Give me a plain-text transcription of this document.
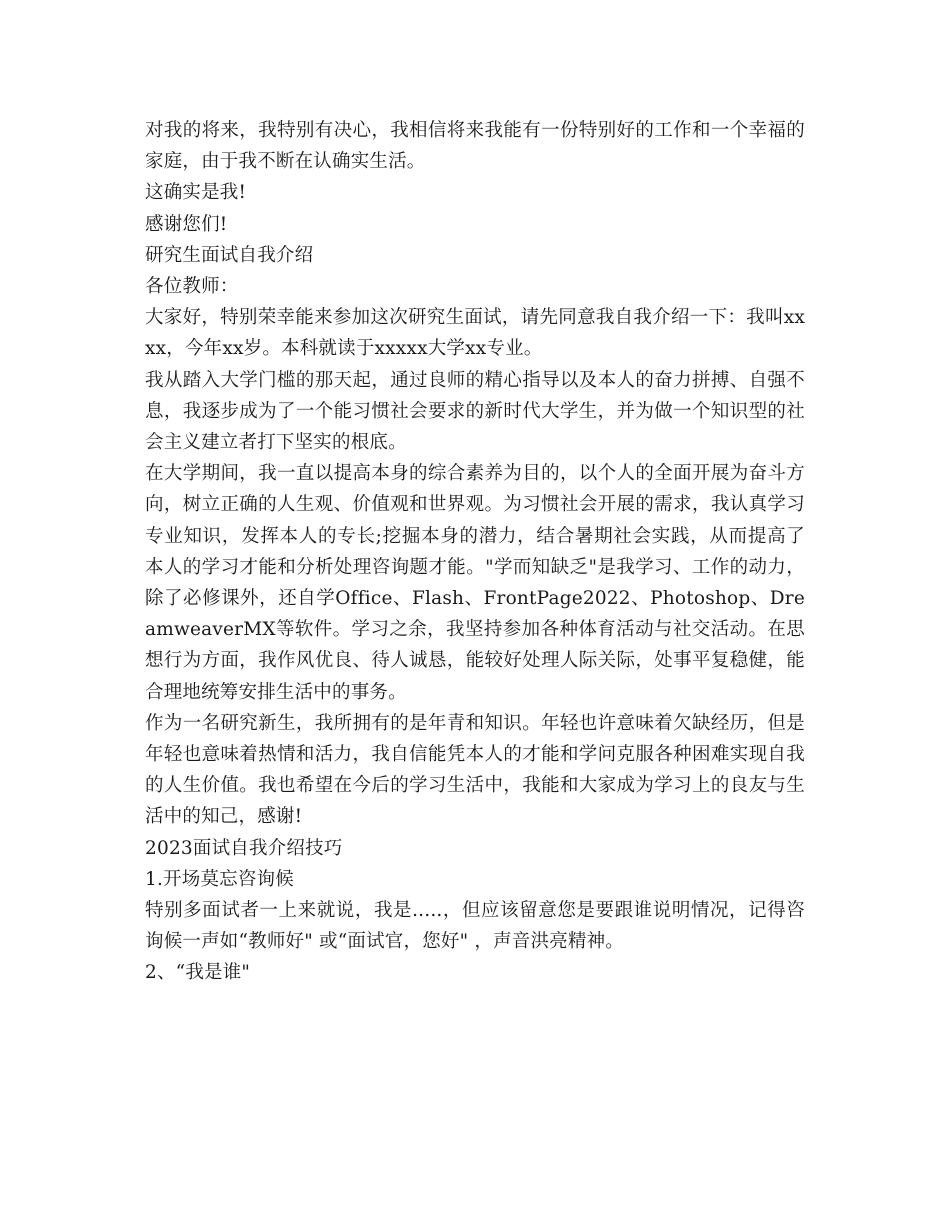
对我的将来，我特别有决心，我相信将来我能有一份特别好的工作和一个幸福的家庭，由于我不断在认确实生活。

这确实是我!

感谢您们!

研究生面试自我介绍

各位教师：

大家好，特别荣幸能来参加这次研究生面试，请先同意我自我介绍一下：我叫xxxx，今年xx岁。本科就读于xxxxx大学xx专业。

我从踏入大学门槛的那天起，通过良师的精心指导以及本人的奋力拼搏、自强不息，我逐步成为了一个能习惯社会要求的新时代大学生，并为做一个知识型的社会主义建立者打下坚实的根底。

在大学期间，我一直以提高本身的综合素养为目的，以个人的全面开展为奋斗方向，树立正确的人生观、价值观和世界观。为习惯社会开展的需求，我认真学习专业知识，发挥本人的专长;挖掘本身的潜力，结合暑期社会实践，从而提高了本人的学习才能和分析处理咨询题才能。"学而知缺乏"是我学习、工作的动力，除了必修课外，还自学Office、Flash、FrontPage2022、Photoshop、DreamweaverMX等软件。学习之余，我坚持参加各种体育活动与社交活动。在思想行为方面，我作风优良、待人诚恳，能较好处理人际关际，处事平复稳健，能合理地统筹安排生活中的事务。

作为一名研究新生，我所拥有的是年青和知识。年轻也许意味着欠缺经历，但是年轻也意味着热情和活力，我自信能凭本人的才能和学问克服各种困难实现自我的人生价值。我也希望在今后的学习生活中，我能和大家成为学习上的良友与生活中的知己，感谢!

2023面试自我介绍技巧

1.开场莫忘咨询候

特别多面试者一上来就说，我是.....，但应该留意您是要跟谁说明情况，记得咨询候一声如“教师好" 或“面试官，您好" ，声音洪亮精神。

2、“我是谁"
